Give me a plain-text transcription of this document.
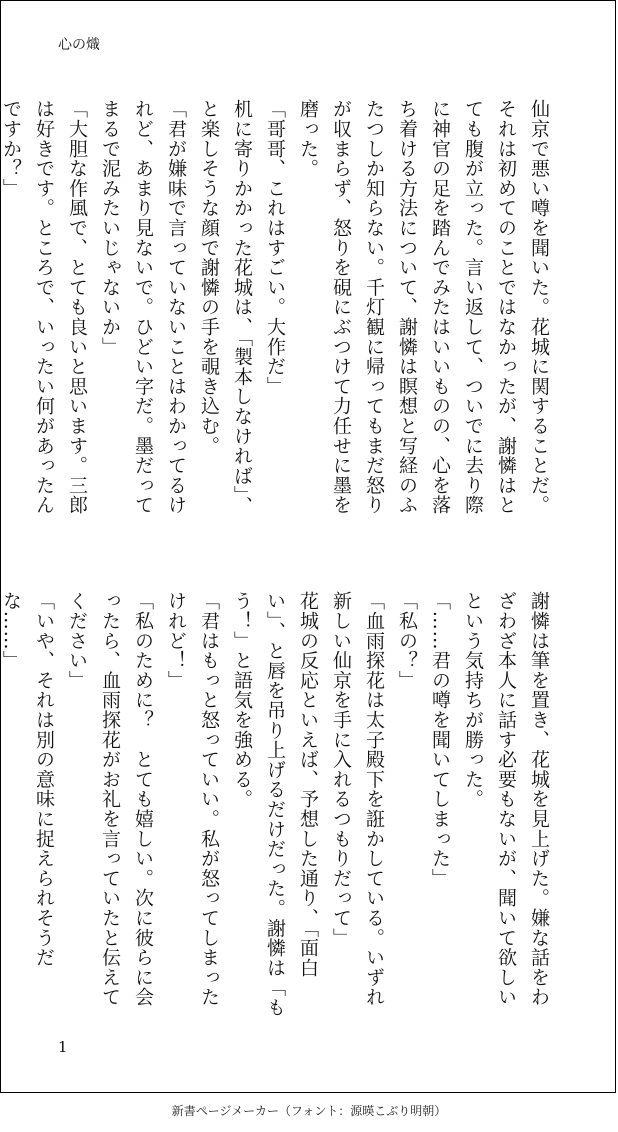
心の熾

仙京で悪い噂を聞いた。花城に関することだ。それは初めてのことではなかったが、謝憐はとても腹が立った。言い返して、ついでに去り際に神官の足を踏んでみたはいいものの、心を落ち着ける方法について、謝憐は瞑想と写経のふたつしか知らない。千灯観に帰ってもまだ怒りが収まらず、怒りを硯にぶつけて力任せに墨を磨った。

「哥哥、これはすごい。大作だ」

机に寄りかかった花城は、「製本しなければ」、と楽しそうな顔で謝憐の手を覗き込む。

「君が嫌味で言っていないことはわかってるけれど、あまり見ないで。ひどい字だ。墨だってまるで泥みたいじゃないか」

「大胆な作風で、とても良いと思います。三郎は好きです。ところで、いったい何があったんですか？」

謝憐は筆を置き、花城を見上げた。嫌な話をわざわざ本人に話す必要もないが、聞いて欲しいという気持ちが勝った。

「……君の噂を聞いてしまった」

「私の？」

「血雨探花は太子殿下を誑かしている。いずれ新しい仙京を手に入れるつもりだって」

花城の反応といえば、予想した通り、「面白い」、と唇を吊り上げるだけだった。謝憐は「もう！」と語気を強める。

「君はもっと怒っていい。私が怒ってしまったけれど！」

「私のために？　とても嬉しい。次に彼らに会ったら、血雨探花がお礼を言っていたと伝えてください」

「いや、それは別の意味に捉えられそうだな……」

1
新書ページメーカー（フォント：源暎こぶり明朝）
